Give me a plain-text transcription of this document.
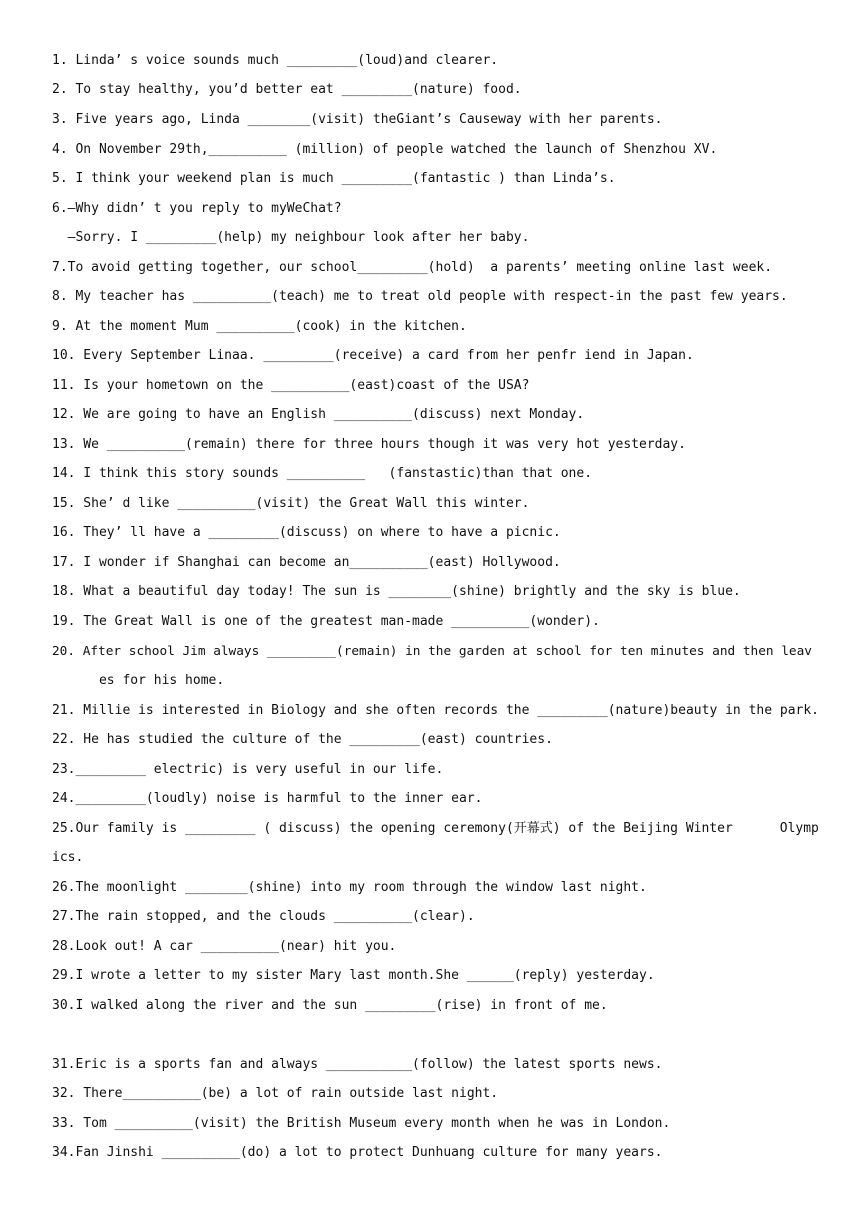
1. Linda’ s voice sounds much _________(loud)and clearer.
2. To stay healthy, you’d better eat _________(nature) food.
3. Five years ago, Linda ________(visit) theGiant’s Causeway with her parents.
4. On November 29th,__________ (million) of people watched the launch of Shenzhou XV.
5. I think your weekend plan is much _________(fantastic ) than Linda’s.
6.—Why didn’ t you reply to myWeChat?
—Sorry. I _________(help) my neighbour look after her baby.
7.To avoid getting together, our school_________(hold)  a parents’ meeting online last week.
8. My teacher has __________(teach) me to treat old people with respect-in the past few years.
9. At the moment Mum __________(cook) in the kitchen.
10. Every September Linaa. _________(receive) a card from her penfr iend in Japan.
11. Is your hometown on the __________(east)coast of the USA?
12. We are going to have an English __________(discuss) next Monday.
13. We __________(remain) there for three hours though it was very hot yesterday.
14. I think this story sounds __________   (fanstastic)than that one.
15. She’ d like __________(visit) the Great Wall this winter.
16. They’ ll have a _________(discuss) on where to have a picnic.
17. I wonder if Shanghai can become an__________(east) Hollywood.
18. What a beautiful day today! The sun is ________(shine) brightly and the sky is blue.
19. The Great Wall is one of the greatest man-made __________(wonder).
20. After school Jim always _________(remain) in the garden at school for ten minutes and then leav
es for his home.
21. Millie is interested in Biology and she often records the _________(nature)beauty in the park.
22. He has studied the culture of the _________(east) countries.
23._________ electric) is very useful in our life.
24._________(loudly) noise is harmful to the inner ear.
25.Our family is _________ ( discuss) the opening ceremony(开幕式) of the Beijing Winter      Olymp
ics.
26.The moonlight ________(shine) into my room through the window last night.
27.The rain stopped, and the clouds __________(clear).
28.Look out! A car __________(near) hit you.
29.I wrote a letter to my sister Mary last month.She ______(reply) yesterday.
30.I walked along the river and the sun _________(rise) in front of me.
31.Eric is a sports fan and always ___________(follow) the latest sports news.
32. There__________(be) a lot of rain outside last night.
33. Tom __________(visit) the British Museum every month when he was in London.
34.Fan Jinshi __________(do) a lot to protect Dunhuang culture for many years.
